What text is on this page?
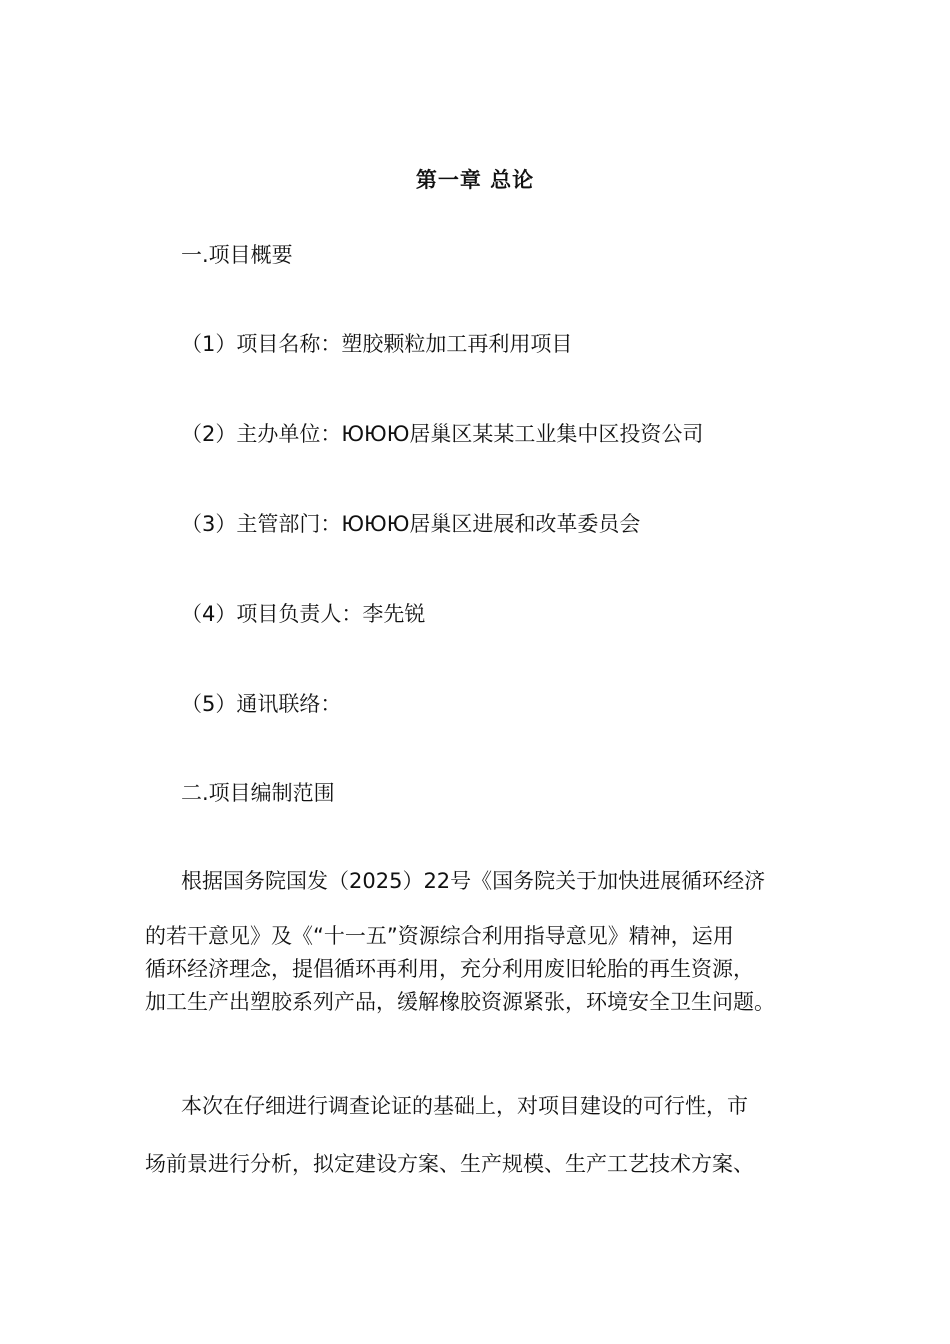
第一章 总论
一.项目概要
（1）项目名称：塑胶颗粒加工再利用项目
（2）主办单位：ЮЮЮ居巢区某某工业集中区投资公司
（3）主管部门：ЮЮЮ居巢区进展和改革委员会
（4）项目负责人：李先锐
（5）通讯联络：
二.项目编制范围
根据国务院国发（2025）22号《国务院关于加快进展循环经济
的若干意见》及《“十一五”资源综合利用指导意见》精神，运用
循环经济理念，提倡循环再利用，充分利用废旧轮胎的再生资源，
加工生产出塑胶系列产品，缓解橡胶资源紧张，环境安全卫生问题。
本次在仔细进行调查论证的基础上，对项目建设的可行性，市
场前景进行分析，拟定建设方案、生产规模、生产工艺技术方案、
